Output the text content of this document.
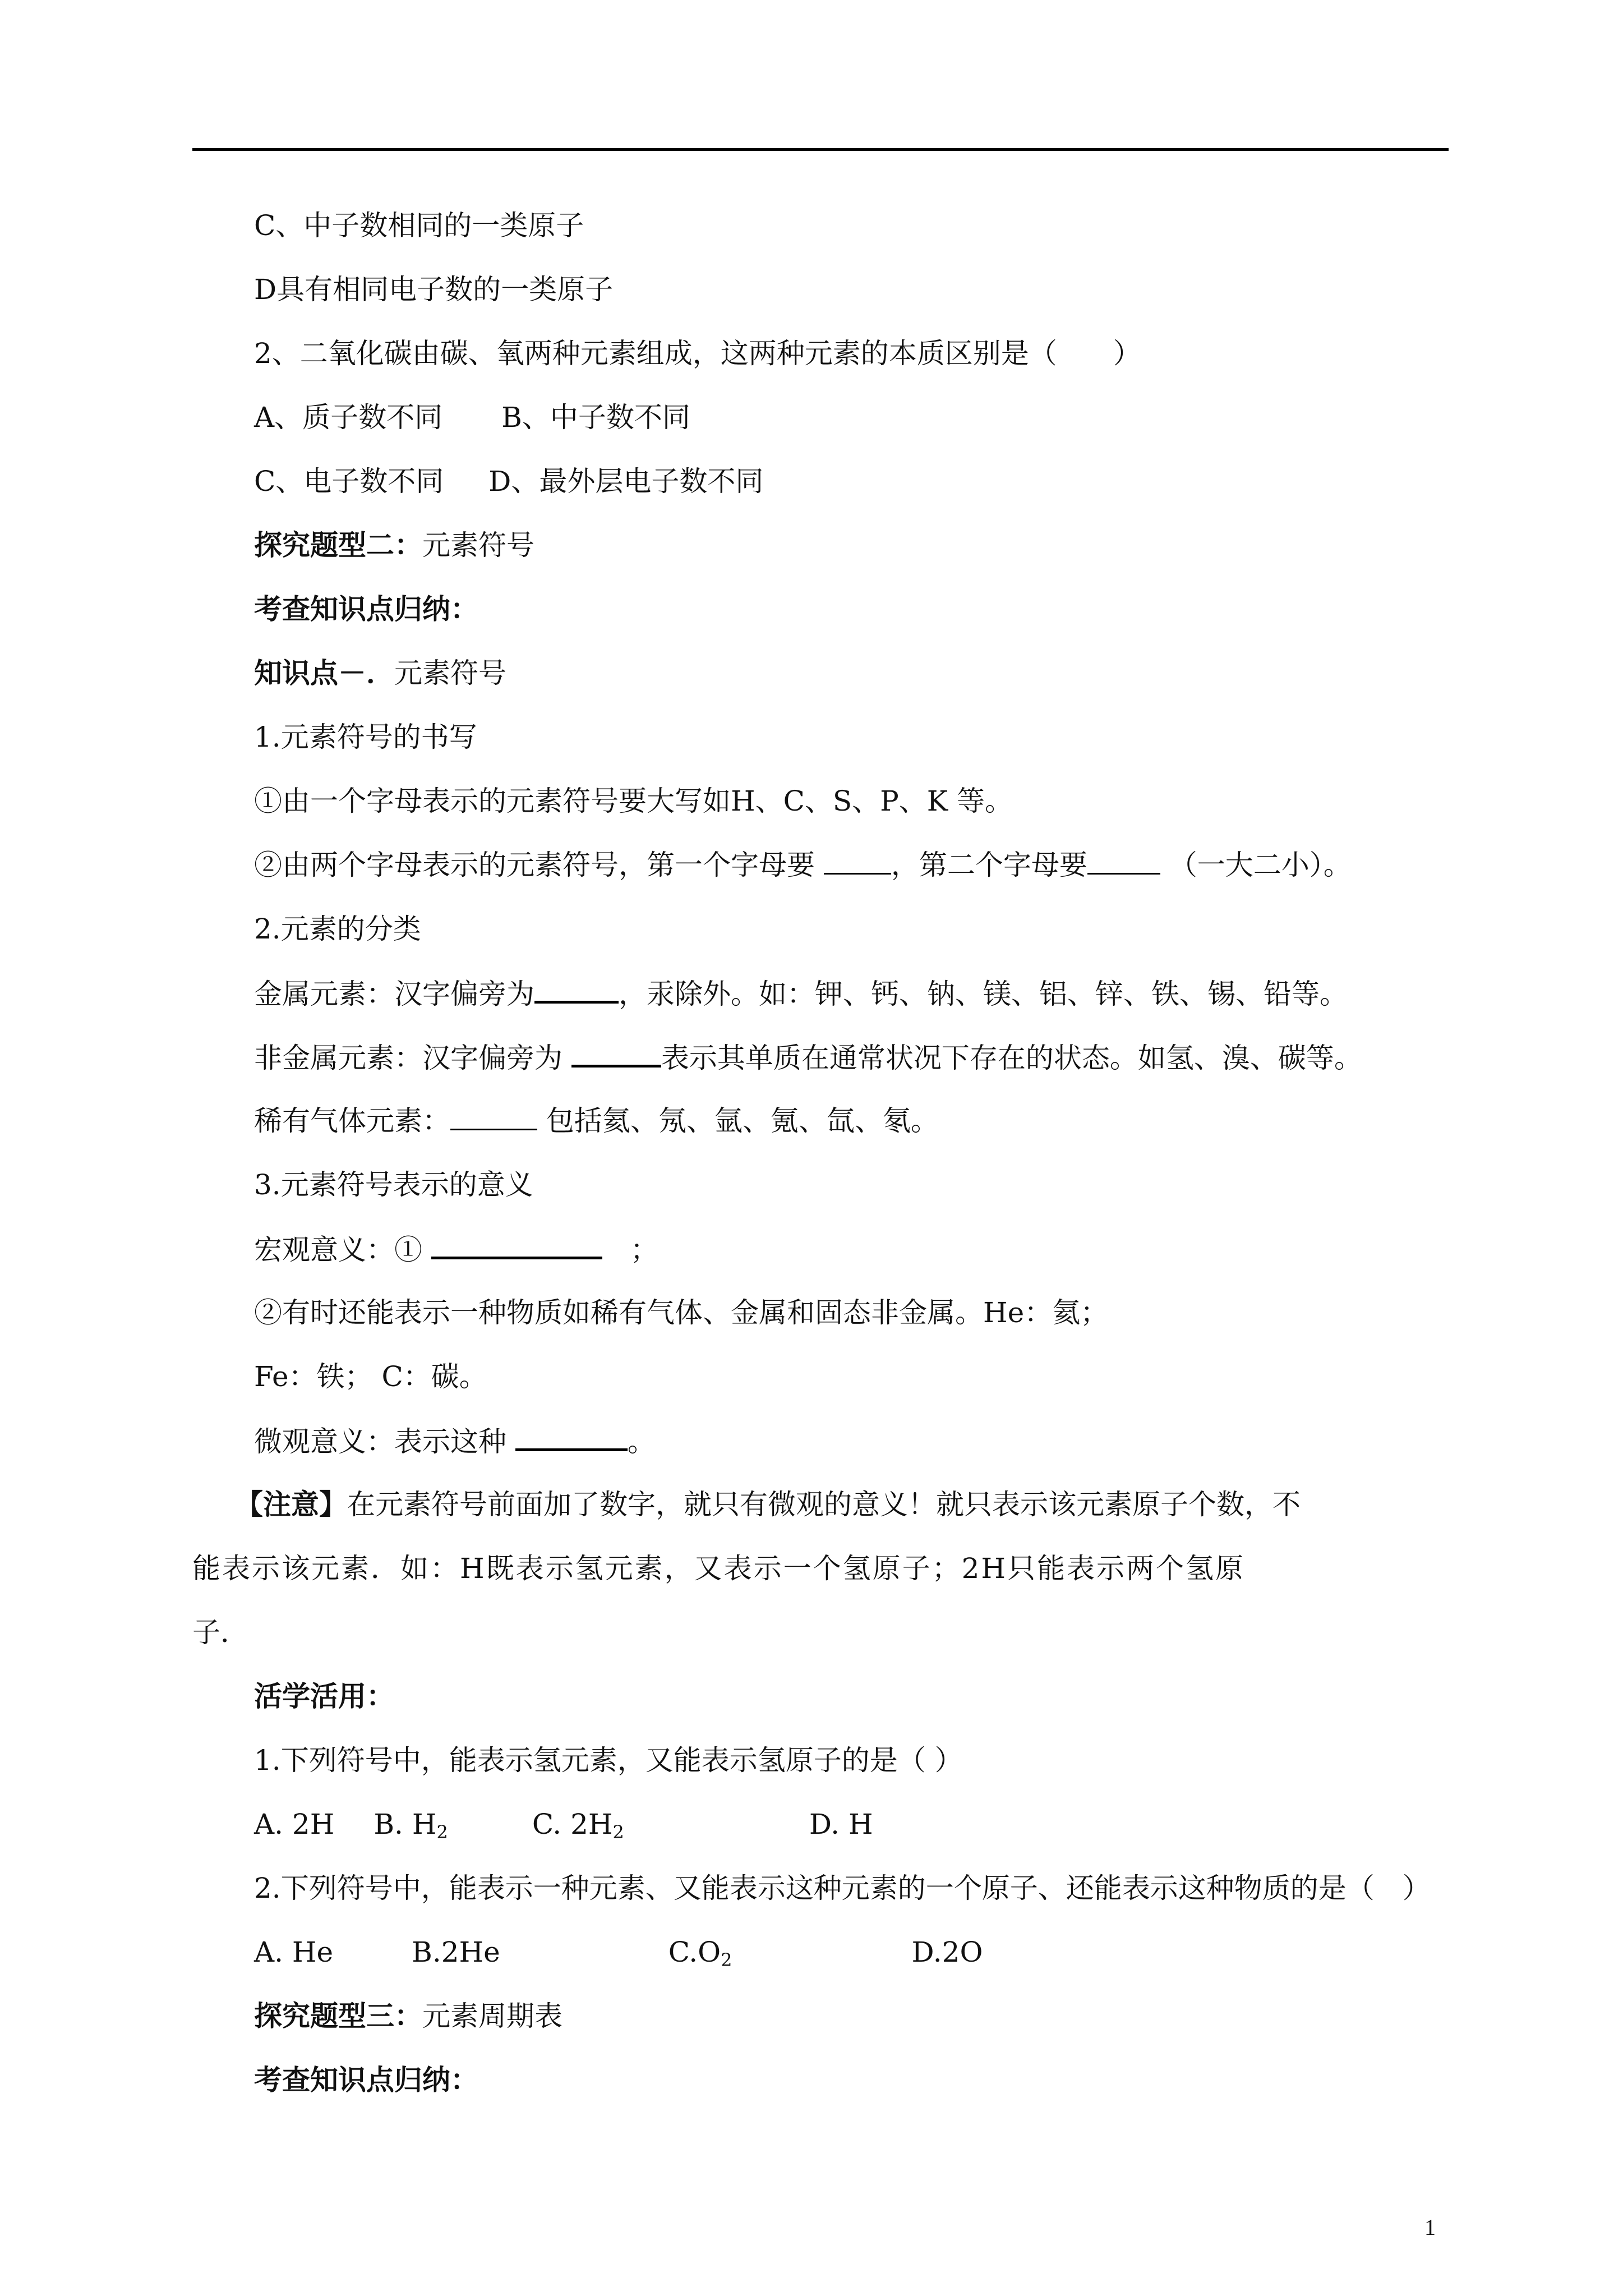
C、中子数相同的一类原子
D具有相同电子数的一类原子
2、二氧化碳由碳、氧两种元素组成，这两种元素的本质区别是（　　）
A、质子数不同 B、中子数不同
C、电子数不同 D、最外层电子数不同
探究题型二：元素符号
考查知识点归纳：
知识点－．元素符号
1.元素符号的书写
①由一个字母表示的元素符号要大写如H、C、S、P、K 等。
②由两个字母表示的元素符号，第一个字母要 ，第二个字母要	（一大二小）。
2.元素的分类
金属元素：汉字偏旁为	，汞除外。如：钾、钙、钠、镁、铝、锌、铁、锡、铅等。
非金属元素：汉字偏旁为	表示其单质在通常状况下存在的状态。如氢、溴、碳等。
稀有气体元素：	包括氦、氖、氩、氪、氙、氡。
3.元素符号表示的意义
宏观意义：①	　；
②有时还能表示一种物质如稀有气体、金属和固态非金属。He：氦；
Fe：铁； C：碳。
微观意义：表示这种	。
【注意】在元素符号前面加了数字，就只有微观的意义！就只表示该元素原子个数，不
能表示该元素．如：H既表示氢元素，又表示一个氢原子；2H只能表示两个氢原
子．
活学活用：
1.下列符号中，能表示氢元素，又能表示氢原子的是（ ）
A. 2H B. $H_2$	C. $2H_2$	D. H
2.下列符号中，能表示一种元素、又能表示这种元素的一个原子、还能表示这种物质的是（　）
A. He	B.2He	$C.O_2$	D.2O
探究题型三：元素周期表
考查知识点归纳：
1
